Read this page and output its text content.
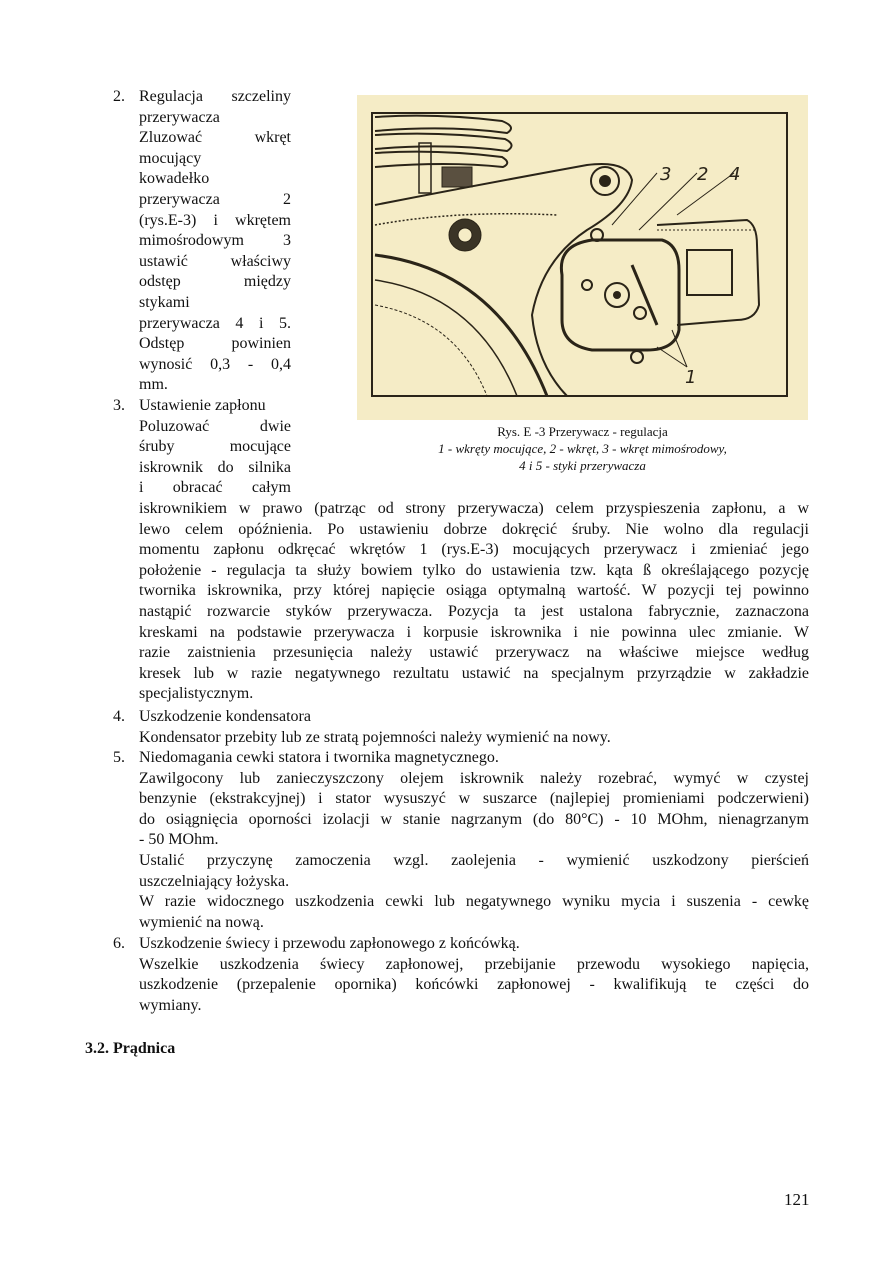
2. Regulacja szczeliny
przerywacza
Zluzować wkręt
mocujący
kowadełko
przerywacza 2
(rys.E-3) i wkrętem
mimośrodowym 3
ustawić właściwy
odstęp między
stykami
przerywacza 4 i 5.
Odstęp powinien
wynosić 0,3 - 0,4
mm.
3. Ustawienie zapłonu
Poluzować dwie
śruby mocujące
iskrownik do silnika
i obracać całym
iskrownikiem w prawo (patrząc od strony przerywacza) celem przyspieszenia zapłonu, a w
lewo celem opóźnienia. Po ustawieniu dobrze dokręcić śruby. Nie wolno dla regulacji
momentu zapłonu odkręcać wkrętów 1 (rys.E-3) mocujących przerywacz i zmieniać jego
położenie - regulacja ta służy bowiem tylko do ustawienia tzw. kąta ß określającego pozycję
twornika iskrownika, przy której napięcie osiąga optymalną wartość. W pozycji tej powinno
nastąpić rozwarcie styków przerywacza. Pozycja ta jest ustalona fabrycznie, zaznaczona
kreskami na podstawie przerywacza i korpusie iskrownika i nie powinna ulec zmianie. W
razie zaistnienia przesunięcia należy ustawić przerywacz na właściwe miejsce według
kresek lub w razie negatywnego rezultatu ustawić na specjalnym przyrządzie w zakładzie
specjalistycznym.
4. Uszkodzenie kondensatora
Kondensator przebity lub ze stratą pojemności należy wymienić na nowy.
5. Niedomagania cewki statora i twornika magnetycznego.
Zawilgocony lub zanieczyszczony olejem iskrownik należy rozebrać, wymyć w czystej
benzynie (ekstrakcyjnej) i stator wysuszyć w suszarce (najlepiej promieniami podczerwieni)
do osiągnięcia oporności izolacji w stanie nagrzanym (do 80°C) - 10 MOhm, nienagrzanym
- 50 MOhm.
Ustalić przyczynę zamoczenia wzgl. zaolejenia - wymienić uszkodzony pierścień
uszczelniający łożyska.
W razie widocznego uszkodzenia cewki lub negatywnego wyniku mycia i suszenia - cewkę
wymienić na nową.
6. Uszkodzenie świecy i przewodu zapłonowego z końcówką.
Wszelkie uszkodzenia świecy zapłonowej, przebijanie przewodu wysokiego napięcia,
uszkodzenie (przepalenie opornika) końcówki zapłonowej - kwalifikują te części do
wymiany.
3 2 4
1
Rys. E -3 Przerywacz - regulacja
1 - wkręty mocujące, 2 - wkręt, 3 - wkręt mimośrodowy,
4 i 5 - styki przerywacza
3.2. Prądnica
121
